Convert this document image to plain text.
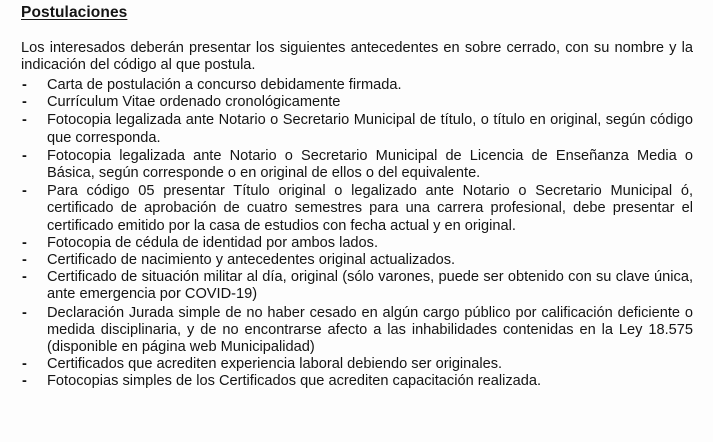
Postulaciones
Los interesados deberán presentar los siguientes antecedentes en sobre cerrado, con su nombre y la indicación del código al que postula.
- Carta de postulación a concurso debidamente firmada.
- Currículum Vitae ordenado cronológicamente
- Fotocopia legalizada ante Notario o Secretario Municipal de título, o título en original, según código que corresponda.
- Fotocopia legalizada ante Notario o Secretario Municipal de Licencia de Enseñanza Media o Básica, según corresponde o en original de ellos o del equivalente.
- Para código 05 presentar Título original o legalizado ante Notario o Secretario Municipal ó, certificado de aprobación de cuatro semestres para una carrera profesional, debe presentar el certificado emitido por la casa de estudios con fecha actual y en original.
- Fotocopia de cédula de identidad por ambos lados.
- Certificado de nacimiento y antecedentes original actualizados.
- Certificado de situación militar al día, original (sólo varones, puede ser obtenido con su clave única, ante emergencia por COVID-19)
- Declaración Jurada simple de no haber cesado en algún cargo público por calificación deficiente o medida disciplinaria, y de no encontrarse afecto a las inhabilidades contenidas en la Ley 18.575 (disponible en página web Municipalidad)
- Certificados que acrediten experiencia laboral debiendo ser originales.
- Fotocopias simples de los Certificados que acrediten capacitación realizada.
